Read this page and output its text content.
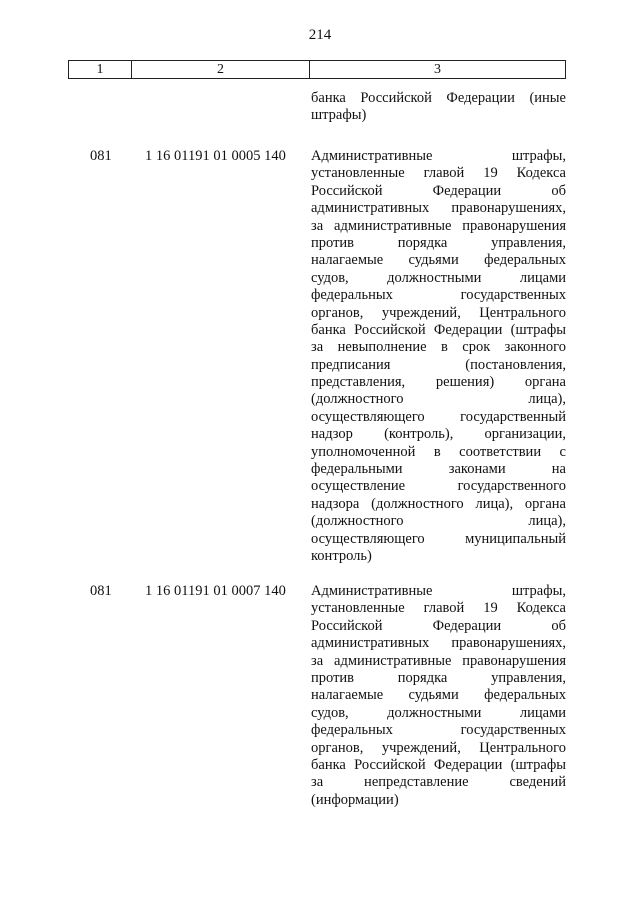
214
1	2	3
банка Российской Федерации (иные
штрафы)
081 1 16 01191 01 0005 140 Административные штрафы,
установленные главой 19 Кодекса
Российской Федерации об
административных правонарушениях,
за административные правонарушения
против порядка управления,
налагаемые судьями федеральных
судов, должностными лицами
федеральных государственных
органов, учреждений, Центрального
банка Российской Федерации (штрафы
за невыполнение в срок законного
предписания (постановления,
представления, решения) органа
(должностного лица),
осуществляющего государственный
надзор (контроль), организации,
уполномоченной в соответствии с
федеральными законами на
осуществление государственного
надзора (должностного лица), органа
(должностного лица),
осуществляющего муниципальный
контроль)
081 1 16 01191 01 0007 140 Административные штрафы,
установленные главой 19 Кодекса
Российской Федерации об
административных правонарушениях,
за административные правонарушения
против порядка управления,
налагаемые судьями федеральных
судов, должностными лицами
федеральных государственных
органов, учреждений, Центрального
банка Российской Федерации (штрафы
за непредставление сведений
(информации)
